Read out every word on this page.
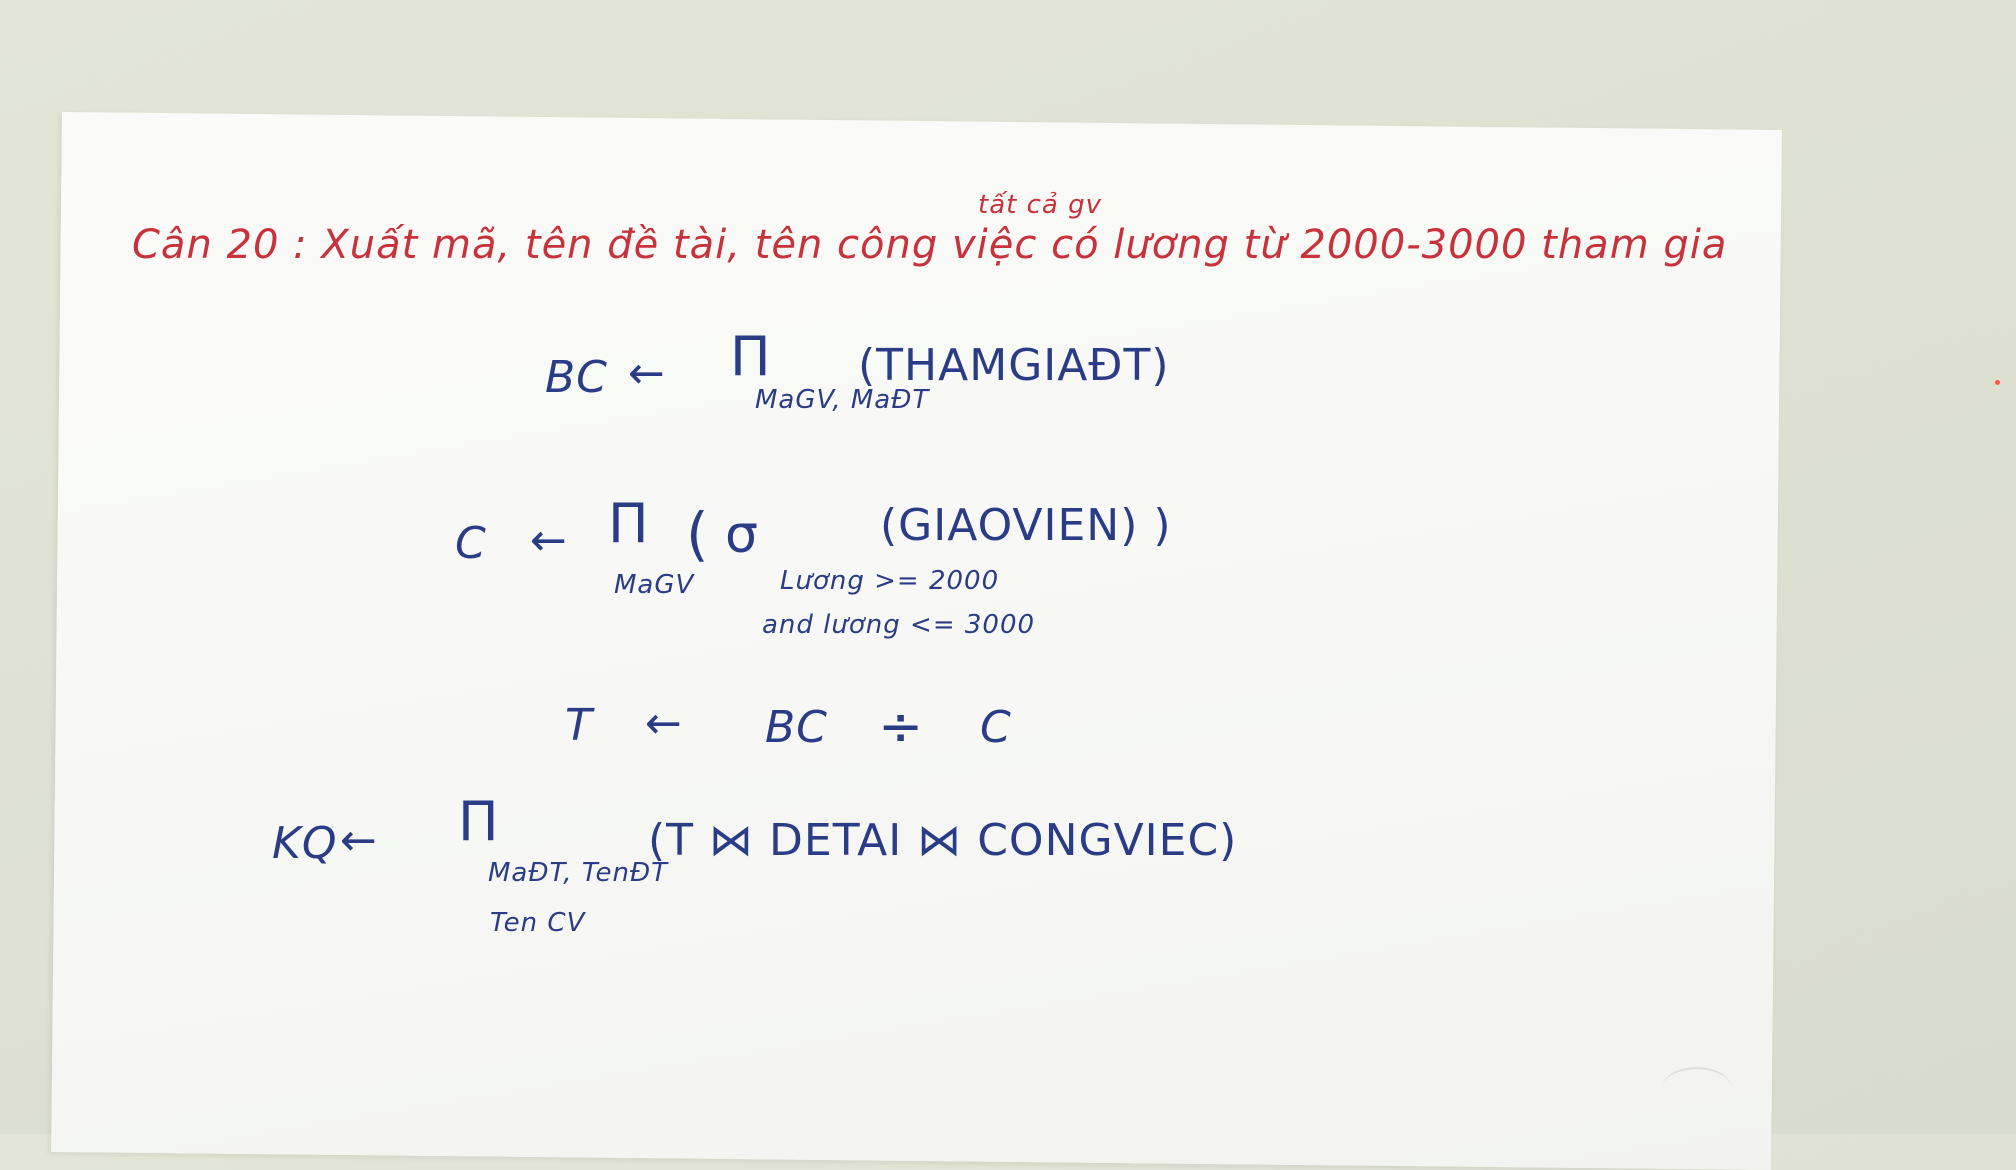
tất cả gv
Cân 20 : Xuất mã, tên đề tài, tên công việc có lương từ 2000-3000 tham gia
BC ← Π
MaGV, MaĐT
(THAMGIAĐT)
C ← Π
MaGV
( σ
Lương >= 2000
and lương <= 3000
(GIAOVIEN) )
T ← BC ÷ C
KQ ← Π
MaĐT, TenĐT
Ten CV
(T ⋈ DETAI ⋈ CONGVIEC)
